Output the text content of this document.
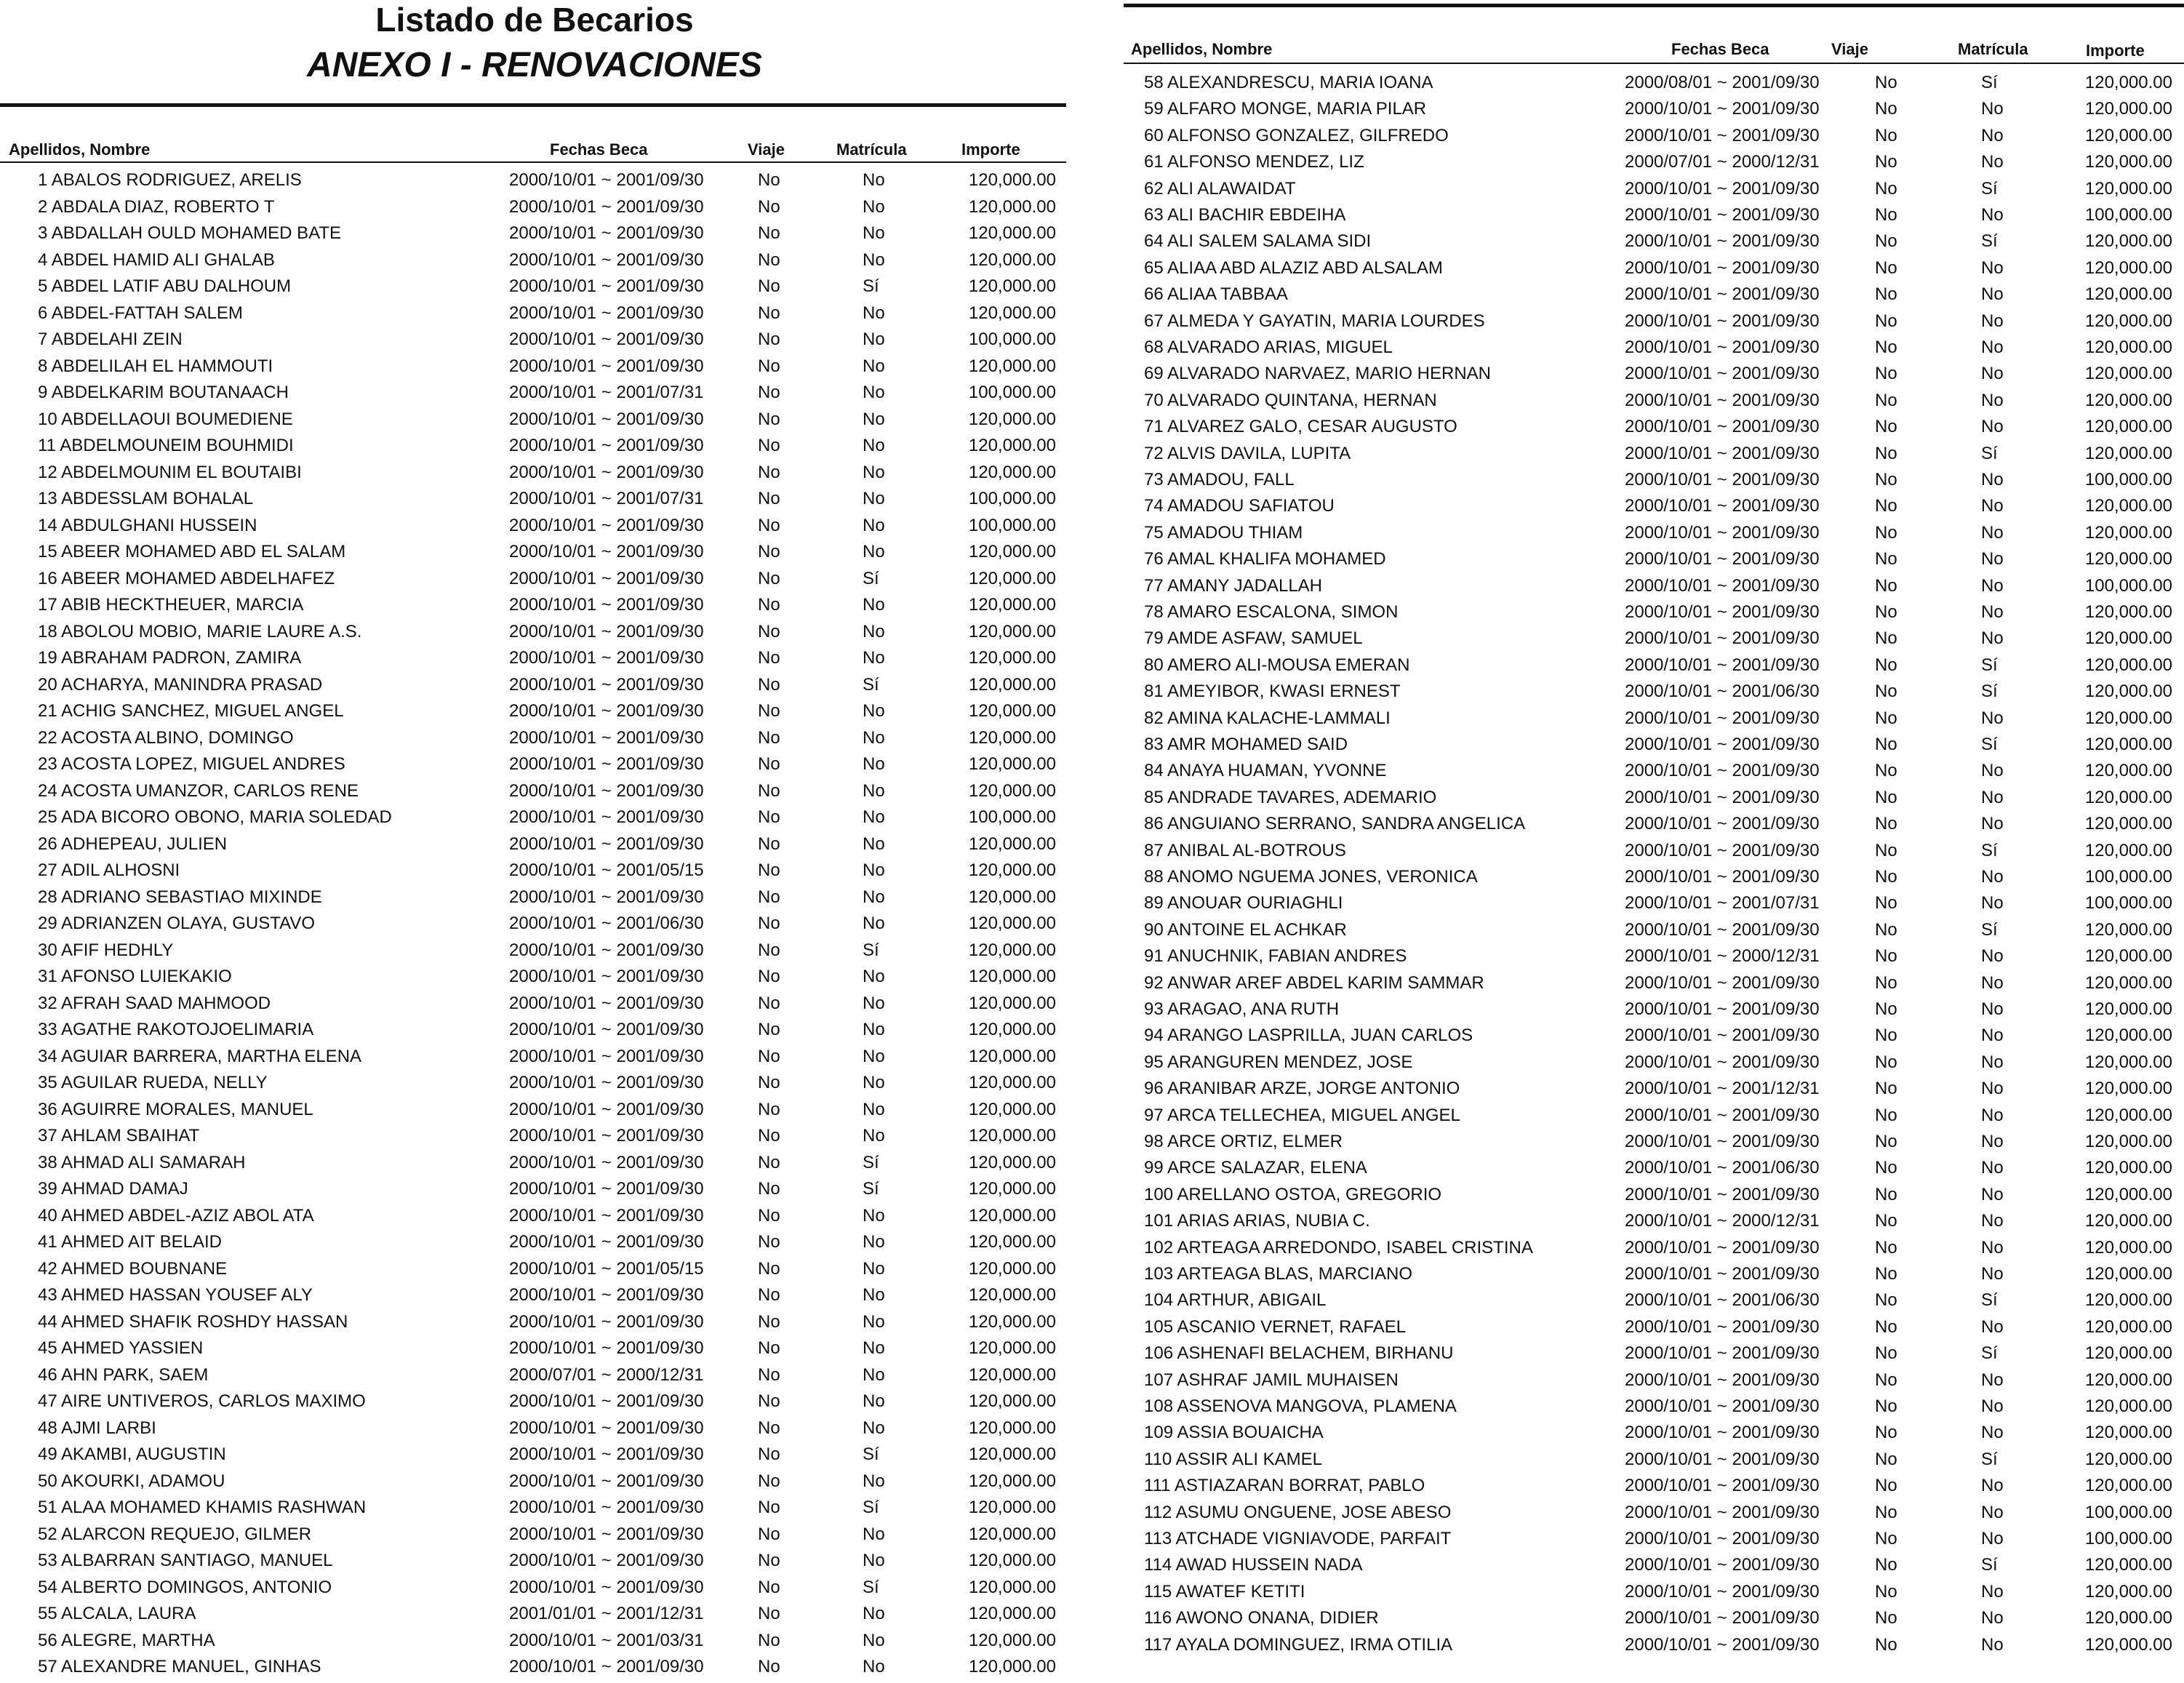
Listado de Becarios
ANEXO I - RENOVACIONES
Apellidos, Nombre	Fechas Beca	Viaje	Matrícula	Importe
Apellidos, Nombre	Fechas Beca	Viaje	Matrícula	Importe
1 ABALOS RODRIGUEZ, ARELIS	2000/10/01 ~ 2001/09/30	No	No	120,000.00
2 ABDALA DIAZ, ROBERTO T	2000/10/01 ~ 2001/09/30	No	No	120,000.00
3 ABDALLAH OULD MOHAMED BATE	2000/10/01 ~ 2001/09/30	No	No	120,000.00
4 ABDEL HAMID ALI GHALAB	2000/10/01 ~ 2001/09/30	No	No	120,000.00
5 ABDEL LATIF ABU DALHOUM	2000/10/01 ~ 2001/09/30	No	Sí	120,000.00
6 ABDEL-FATTAH SALEM	2000/10/01 ~ 2001/09/30	No	No	120,000.00
7 ABDELAHI ZEIN	2000/10/01 ~ 2001/09/30	No	No	100,000.00
8 ABDELILAH EL HAMMOUTI	2000/10/01 ~ 2001/09/30	No	No	120,000.00
9 ABDELKARIM BOUTANAACH	2000/10/01 ~ 2001/07/31	No	No	100,000.00
10 ABDELLAOUI BOUMEDIENE	2000/10/01 ~ 2001/09/30	No	No	120,000.00
11 ABDELMOUNEIM BOUHMIDI	2000/10/01 ~ 2001/09/30	No	No	120,000.00
12 ABDELMOUNIM EL BOUTAIBI	2000/10/01 ~ 2001/09/30	No	No	120,000.00
13 ABDESSLAM BOHALAL	2000/10/01 ~ 2001/07/31	No	No	100,000.00
14 ABDULGHANI HUSSEIN	2000/10/01 ~ 2001/09/30	No	No	100,000.00
15 ABEER MOHAMED ABD EL SALAM	2000/10/01 ~ 2001/09/30	No	No	120,000.00
16 ABEER MOHAMED ABDELHAFEZ	2000/10/01 ~ 2001/09/30	No	Sí	120,000.00
17 ABIB HECKTHEUER, MARCIA	2000/10/01 ~ 2001/09/30	No	No	120,000.00
18 ABOLOU MOBIO, MARIE LAURE A.S.	2000/10/01 ~ 2001/09/30	No	No	120,000.00
19 ABRAHAM PADRON, ZAMIRA	2000/10/01 ~ 2001/09/30	No	No	120,000.00
20 ACHARYA, MANINDRA PRASAD	2000/10/01 ~ 2001/09/30	No	Sí	120,000.00
21 ACHIG SANCHEZ, MIGUEL ANGEL	2000/10/01 ~ 2001/09/30	No	No	120,000.00
22 ACOSTA ALBINO, DOMINGO	2000/10/01 ~ 2001/09/30	No	No	120,000.00
23 ACOSTA LOPEZ, MIGUEL ANDRES	2000/10/01 ~ 2001/09/30	No	No	120,000.00
24 ACOSTA UMANZOR, CARLOS RENE	2000/10/01 ~ 2001/09/30	No	No	120,000.00
25 ADA BICORO OBONO, MARIA SOLEDAD	2000/10/01 ~ 2001/09/30	No	No	100,000.00
26 ADHEPEAU, JULIEN	2000/10/01 ~ 2001/09/30	No	No	120,000.00
27 ADIL ALHOSNI	2000/10/01 ~ 2001/05/15	No	No	120,000.00
28 ADRIANO SEBASTIAO MIXINDE	2000/10/01 ~ 2001/09/30	No	No	120,000.00
29 ADRIANZEN OLAYA, GUSTAVO	2000/10/01 ~ 2001/06/30	No	No	120,000.00
30 AFIF HEDHLY	2000/10/01 ~ 2001/09/30	No	Sí	120,000.00
31 AFONSO LUIEKAKIO	2000/10/01 ~ 2001/09/30	No	No	120,000.00
32 AFRAH SAAD MAHMOOD	2000/10/01 ~ 2001/09/30	No	No	120,000.00
33 AGATHE RAKOTOJOELIMARIA	2000/10/01 ~ 2001/09/30	No	No	120,000.00
34 AGUIAR BARRERA, MARTHA ELENA	2000/10/01 ~ 2001/09/30	No	No	120,000.00
35 AGUILAR RUEDA, NELLY	2000/10/01 ~ 2001/09/30	No	No	120,000.00
36 AGUIRRE MORALES, MANUEL	2000/10/01 ~ 2001/09/30	No	No	120,000.00
37 AHLAM SBAIHAT	2000/10/01 ~ 2001/09/30	No	No	120,000.00
38 AHMAD ALI SAMARAH	2000/10/01 ~ 2001/09/30	No	Sí	120,000.00
39 AHMAD DAMAJ	2000/10/01 ~ 2001/09/30	No	Sí	120,000.00
40 AHMED ABDEL-AZIZ ABOL ATA	2000/10/01 ~ 2001/09/30	No	No	120,000.00
41 AHMED AIT BELAID	2000/10/01 ~ 2001/09/30	No	No	120,000.00
42 AHMED BOUBNANE	2000/10/01 ~ 2001/05/15	No	No	120,000.00
43 AHMED HASSAN YOUSEF ALY	2000/10/01 ~ 2001/09/30	No	No	120,000.00
44 AHMED SHAFIK ROSHDY HASSAN	2000/10/01 ~ 2001/09/30	No	No	120,000.00
45 AHMED YASSIEN	2000/10/01 ~ 2001/09/30	No	No	120,000.00
46 AHN PARK, SAEM	2000/07/01 ~ 2000/12/31	No	No	120,000.00
47 AIRE UNTIVEROS, CARLOS MAXIMO	2000/10/01 ~ 2001/09/30	No	No	120,000.00
48 AJMI LARBI	2000/10/01 ~ 2001/09/30	No	No	120,000.00
49 AKAMBI, AUGUSTIN	2000/10/01 ~ 2001/09/30	No	Sí	120,000.00
50 AKOURKI, ADAMOU	2000/10/01 ~ 2001/09/30	No	No	120,000.00
51 ALAA MOHAMED KHAMIS RASHWAN	2000/10/01 ~ 2001/09/30	No	Sí	120,000.00
52 ALARCON REQUEJO, GILMER	2000/10/01 ~ 2001/09/30	No	No	120,000.00
53 ALBARRAN SANTIAGO, MANUEL	2000/10/01 ~ 2001/09/30	No	No	120,000.00
54 ALBERTO DOMINGOS, ANTONIO	2000/10/01 ~ 2001/09/30	No	Sí	120,000.00
55 ALCALA, LAURA	2001/01/01 ~ 2001/12/31	No	No	120,000.00
56 ALEGRE, MARTHA	2000/10/01 ~ 2001/03/31	No	No	120,000.00
57 ALEXANDRE MANUEL, GINHAS	2000/10/01 ~ 2001/09/30	No	No	120,000.00
58 ALEXANDRESCU, MARIA IOANA	2000/08/01 ~ 2001/09/30	No	Sí	120,000.00
59 ALFARO MONGE, MARIA PILAR	2000/10/01 ~ 2001/09/30	No	No	120,000.00
60 ALFONSO GONZALEZ, GILFREDO	2000/10/01 ~ 2001/09/30	No	No	120,000.00
61 ALFONSO MENDEZ, LIZ	2000/07/01 ~ 2000/12/31	No	No	120,000.00
62 ALI ALAWAIDAT	2000/10/01 ~ 2001/09/30	No	Sí	120,000.00
63 ALI BACHIR EBDEIHA	2000/10/01 ~ 2001/09/30	No	No	100,000.00
64 ALI SALEM SALAMA SIDI	2000/10/01 ~ 2001/09/30	No	Sí	120,000.00
65 ALIAA ABD ALAZIZ ABD ALSALAM	2000/10/01 ~ 2001/09/30	No	No	120,000.00
66 ALIAA TABBAA	2000/10/01 ~ 2001/09/30	No	No	120,000.00
67 ALMEDA Y GAYATIN, MARIA LOURDES	2000/10/01 ~ 2001/09/30	No	No	120,000.00
68 ALVARADO ARIAS, MIGUEL	2000/10/01 ~ 2001/09/30	No	No	120,000.00
69 ALVARADO NARVAEZ, MARIO HERNAN	2000/10/01 ~ 2001/09/30	No	No	120,000.00
70 ALVARADO QUINTANA, HERNAN	2000/10/01 ~ 2001/09/30	No	No	120,000.00
71 ALVAREZ GALO, CESAR AUGUSTO	2000/10/01 ~ 2001/09/30	No	No	120,000.00
72 ALVIS DAVILA, LUPITA	2000/10/01 ~ 2001/09/30	No	Sí	120,000.00
73 AMADOU, FALL	2000/10/01 ~ 2001/09/30	No	No	100,000.00
74 AMADOU SAFIATOU	2000/10/01 ~ 2001/09/30	No	No	120,000.00
75 AMADOU THIAM	2000/10/01 ~ 2001/09/30	No	No	120,000.00
76 AMAL KHALIFA MOHAMED	2000/10/01 ~ 2001/09/30	No	No	120,000.00
77 AMANY JADALLAH	2000/10/01 ~ 2001/09/30	No	No	100,000.00
78 AMARO ESCALONA, SIMON	2000/10/01 ~ 2001/09/30	No	No	120,000.00
79 AMDE ASFAW, SAMUEL	2000/10/01 ~ 2001/09/30	No	No	120,000.00
80 AMERO ALI-MOUSA EMERAN	2000/10/01 ~ 2001/09/30	No	Sí	120,000.00
81 AMEYIBOR, KWASI ERNEST	2000/10/01 ~ 2001/06/30	No	Sí	120,000.00
82 AMINA KALACHE-LAMMALI	2000/10/01 ~ 2001/09/30	No	No	120,000.00
83 AMR MOHAMED SAID	2000/10/01 ~ 2001/09/30	No	Sí	120,000.00
84 ANAYA HUAMAN, YVONNE	2000/10/01 ~ 2001/09/30	No	No	120,000.00
85 ANDRADE TAVARES, ADEMARIO	2000/10/01 ~ 2001/09/30	No	No	120,000.00
86 ANGUIANO SERRANO, SANDRA ANGELICA	2000/10/01 ~ 2001/09/30	No	No	120,000.00
87 ANIBAL AL-BOTROUS	2000/10/01 ~ 2001/09/30	No	Sí	120,000.00
88 ANOMO NGUEMA JONES, VERONICA	2000/10/01 ~ 2001/09/30	No	No	100,000.00
89 ANOUAR OURIAGHLI	2000/10/01 ~ 2001/07/31	No	No	100,000.00
90 ANTOINE EL ACHKAR	2000/10/01 ~ 2001/09/30	No	Sí	120,000.00
91 ANUCHNIK, FABIAN ANDRES	2000/10/01 ~ 2000/12/31	No	No	120,000.00
92 ANWAR AREF ABDEL KARIM SAMMAR	2000/10/01 ~ 2001/09/30	No	No	120,000.00
93 ARAGAO, ANA RUTH	2000/10/01 ~ 2001/09/30	No	No	120,000.00
94 ARANGO LASPRILLA, JUAN CARLOS	2000/10/01 ~ 2001/09/30	No	No	120,000.00
95 ARANGUREN MENDEZ, JOSE	2000/10/01 ~ 2001/09/30	No	No	120,000.00
96 ARANIBAR ARZE, JORGE ANTONIO	2000/10/01 ~ 2001/12/31	No	No	120,000.00
97 ARCA TELLECHEA, MIGUEL ANGEL	2000/10/01 ~ 2001/09/30	No	No	120,000.00
98 ARCE ORTIZ, ELMER	2000/10/01 ~ 2001/09/30	No	No	120,000.00
99 ARCE SALAZAR, ELENA	2000/10/01 ~ 2001/06/30	No	No	120,000.00
100 ARELLANO OSTOA, GREGORIO	2000/10/01 ~ 2001/09/30	No	No	120,000.00
101 ARIAS ARIAS, NUBIA C.	2000/10/01 ~ 2000/12/31	No	No	120,000.00
102 ARTEAGA ARREDONDO, ISABEL CRISTINA	2000/10/01 ~ 2001/09/30	No	No	120,000.00
103 ARTEAGA BLAS, MARCIANO	2000/10/01 ~ 2001/09/30	No	No	120,000.00
104 ARTHUR, ABIGAIL	2000/10/01 ~ 2001/06/30	No	Sí	120,000.00
105 ASCANIO VERNET, RAFAEL	2000/10/01 ~ 2001/09/30	No	No	120,000.00
106 ASHENAFI BELACHEM, BIRHANU	2000/10/01 ~ 2001/09/30	No	Sí	120,000.00
107 ASHRAF JAMIL MUHAISEN	2000/10/01 ~ 2001/09/30	No	No	120,000.00
108 ASSENOVA MANGOVA, PLAMENA	2000/10/01 ~ 2001/09/30	No	No	120,000.00
109 ASSIA BOUAICHA	2000/10/01 ~ 2001/09/30	No	No	120,000.00
110 ASSIR ALI KAMEL	2000/10/01 ~ 2001/09/30	No	Sí	120,000.00
111 ASTIAZARAN BORRAT, PABLO	2000/10/01 ~ 2001/09/30	No	No	120,000.00
112 ASUMU ONGUENE, JOSE ABESO	2000/10/01 ~ 2001/09/30	No	No	100,000.00
113 ATCHADE VIGNIAVODE, PARFAIT	2000/10/01 ~ 2001/09/30	No	No	100,000.00
114 AWAD HUSSEIN NADA	2000/10/01 ~ 2001/09/30	No	Sí	120,000.00
115 AWATEF KETITI	2000/10/01 ~ 2001/09/30	No	No	120,000.00
116 AWONO ONANA, DIDIER	2000/10/01 ~ 2001/09/30	No	No	120,000.00
117 AYALA DOMINGUEZ, IRMA OTILIA	2000/10/01 ~ 2001/09/30	No	No	120,000.00
